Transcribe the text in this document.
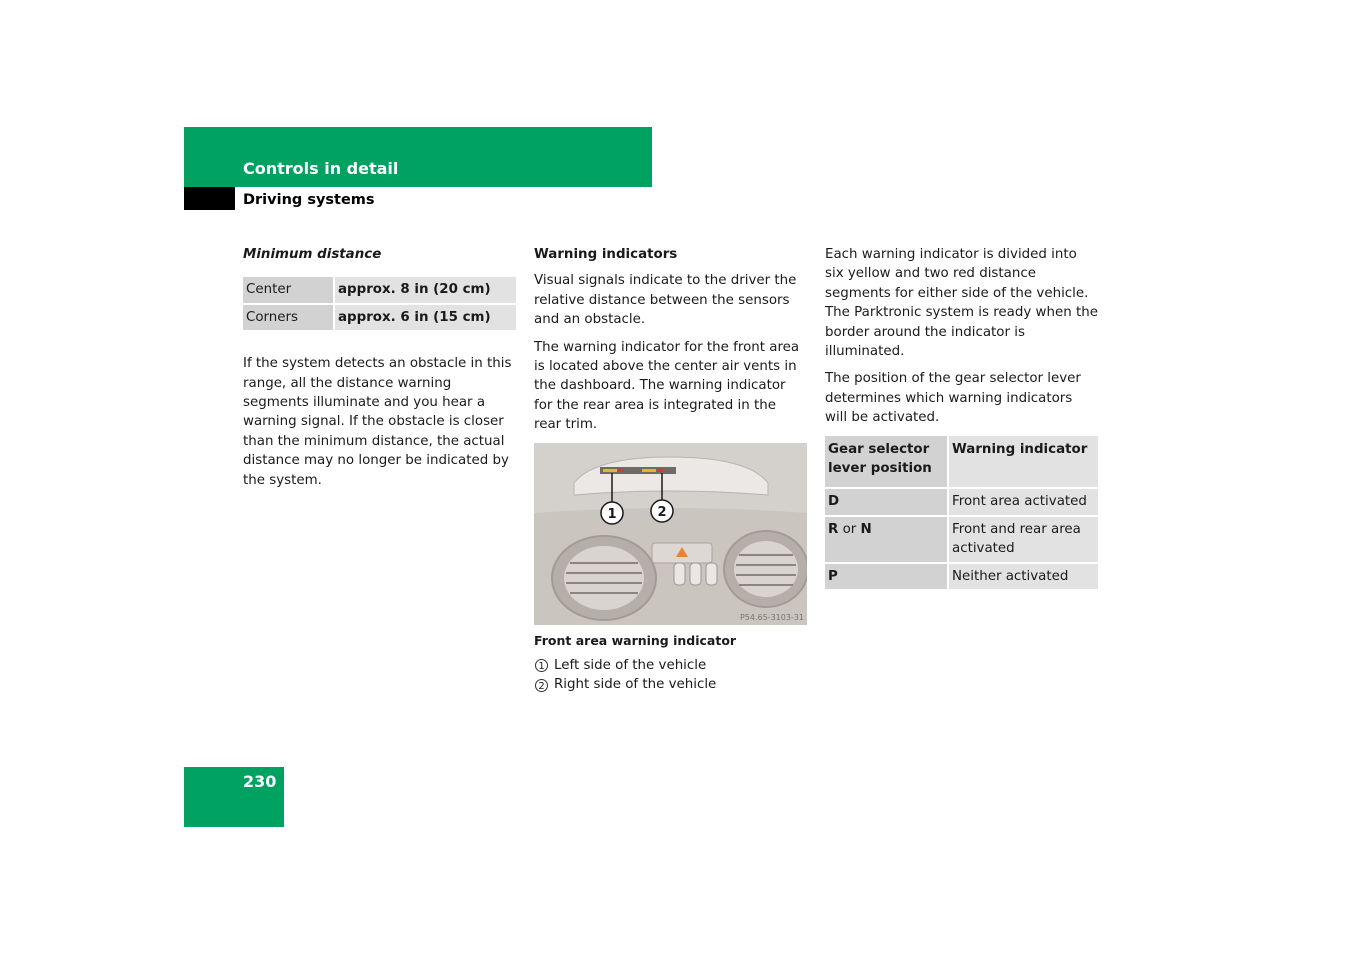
Controls in detail
Driving systems
Minimum distance
Center	approx. 8 in (20 cm)
Corners	approx. 6 in (15 cm)

If the system detects an obstacle in this range, all the distance warning segments illuminate and you hear a warning signal. If the obstacle is closer than the minimum distance, the actual distance may no longer be indicated by the system.

Warning indicators

Visual signals indicate to the driver the relative distance between the sensors and an obstacle.

The warning indicator for the front area is located above the center air vents in the dashboard. The warning indicator for the rear area is integrated in the rear trim.

1	2
P54.65-3103-31
Front area warning indicator
1 Left side of the vehicle
2 Right side of the vehicle

Each warning indicator is divided into six yellow and two red distance segments for either side of the vehicle. The Parktronic system is ready when the border around the indicator is illuminated.

The position of the gear selector lever determines which warning indicators will be activated.

Gear selector lever position	Warning indicator
D	Front area activated
R or N	Front and rear area activated
P	Neither activated
230
